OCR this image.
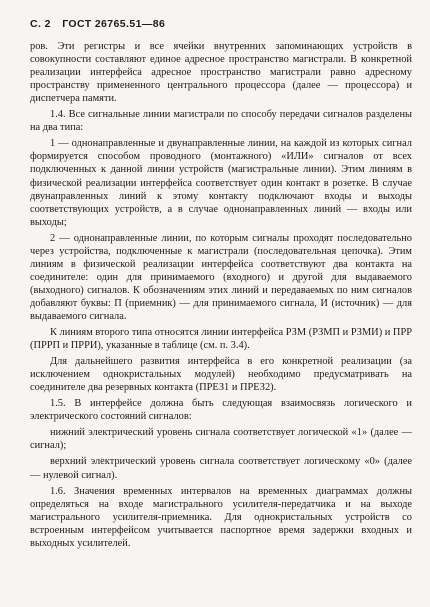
С. 2 ГОСТ 26765.51—86

ров. Эти регистры и все ячейки внутренних запоминающих устройств в совокупности составляют единое адресное пространство магистрали. В конкретной реализации интерфейса адресное пространство магистрали равно адресному пространству примененного центрального процессора (далее — процессора) и диспетчера памяти.

1.4. Все сигнальные линии магистрали по способу передачи сигналов разделены на два типа:

1 — однонаправленные и двунаправленные линии, на каждой из которых сигнал формируется способом проводного (монтажного) «ИЛИ» сигналов от всех подключенных к данной линии устройств (магистральные линии). Этим линиям в физической реализации интерфейса соответствует один контакт в розетке. В случае двунаправленных линий к этому контакту подключают входы и выходы соответствующих устройств, а в случае однонаправленных линий — входы или выходы;

2 — однонаправленные линии, по которым сигналы проходят последовательно через устройства, подключенные к магистрали (последовательная цепочка). Этим линиям в физической реализации интерфейса соответствуют два контакта на соединителе: один для принимаемого (входного) и другой для выдаваемого (выходного) сигналов. К обозначениям этих линий и передаваемых по ним сигналов добавляют буквы: П (приемник) — для принимаемого сигнала, И (источник) — для выдаваемого сигнала.

К линиям второго типа относятся линии интерфейса РЗМ (РЗМП и РЗМИ) и ПРР (ПРРП и ПРРИ), указанные в таблице (см. п. 3.4).

Для дальнейшего развития интерфейса в его конкретной реализации (за исключением однокристальных модулей) необходимо предусматривать на соединителе два резервных контакта (ПРЕЗ1 и ПРЕЗ2).

1.5. В интерфейсе должна быть следующая взаимосвязь логического и электрического состояний сигналов:

нижний электрический уровень сигнала соответствует логической «1» (далее — сигнал);

верхний электрический уровень сигнала соответствует логическому «0» (далее — нулевой сигнал).

1.6. Значения временных интервалов на временных диаграммах должны определяться на входе магистрального усилителя-передатчика и на выходе магистрального усилителя-приемника. Для однокристальных устройств со встроенным интерфейсом учитывается паспортное время задержки входных и выходных усилителей.
